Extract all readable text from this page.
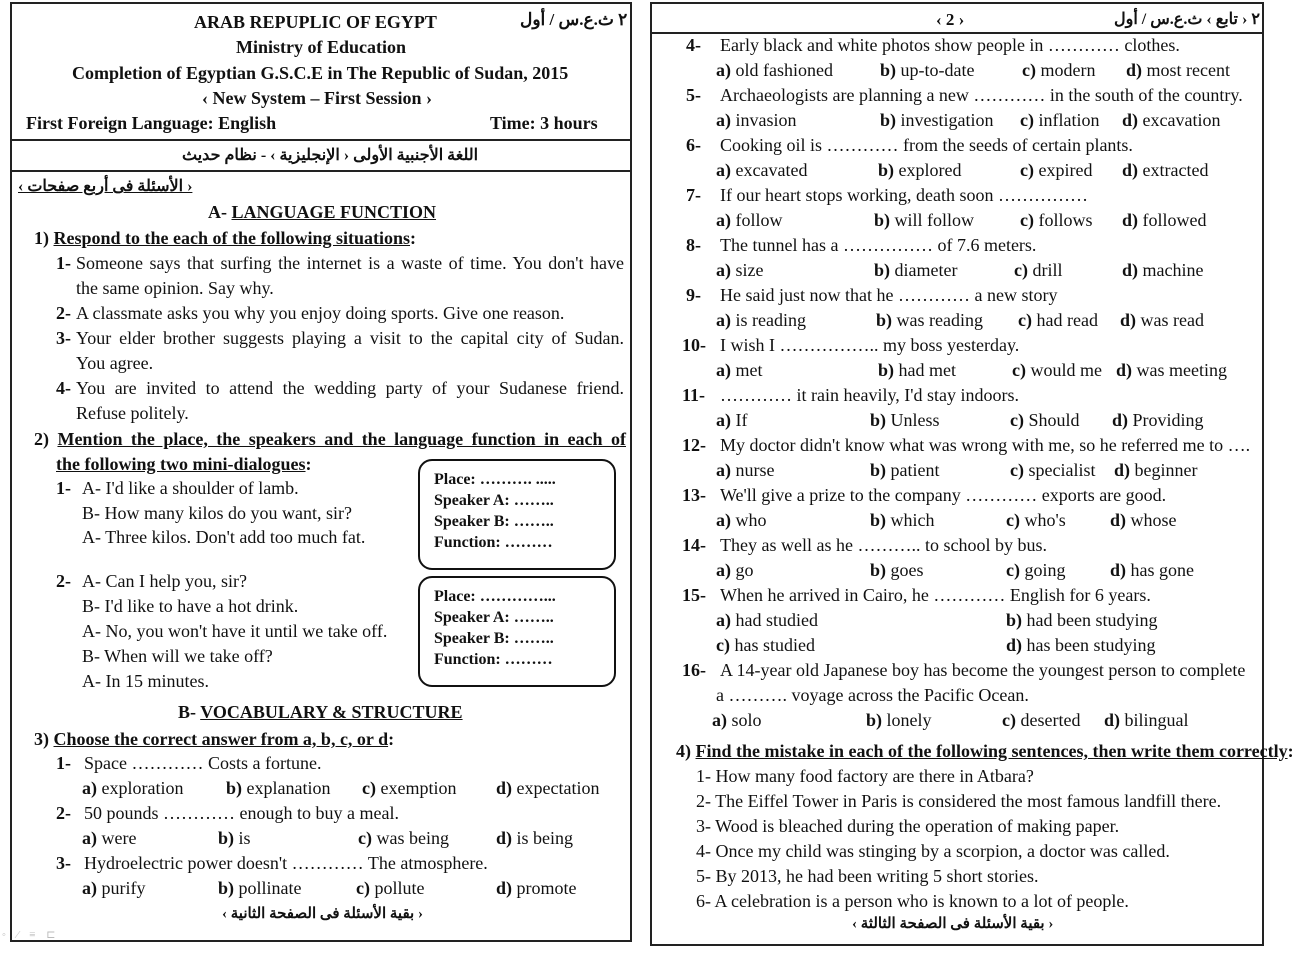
ARAB REPUPLIC OF EGYPT	٢ ث.ع.س / أول
Ministry of Education
Completion of Egyptian G.S.C.E in The Republic of Sudan, 2015
‹ New System – First Session ›
First Foreign Language: English	Time: 3 hours
اللغة الأجنبية الأولى ‹ الإنجليزية › - نظام حديث
‹ الأسئلة فى أربع صفحات ›
A- LANGUAGE FUNCTION
1) Respond to the each of the following situations:
1- Someone says that surfing the internet is a waste of time. You don't have
the same opinion. Say why.
2- A classmate asks you why you enjoy doing sports. Give one reason.
3- Your elder brother suggests playing a visit to the capital city of Sudan.
You agree.
4- You are invited to attend the wedding party of your Sudanese friend.
Refuse politely.
2) Mention the place, the speakers and the language function in each of
the following two mini-dialogues:
1- A- I'd like a shoulder of lamb.
B- How many kilos do you want, sir?
A- Three kilos. Don't add too much fat.
Place: ………. .....
Speaker A: ……..
Speaker B: ……..
Function: ………
2- A- Can I help you, sir?
B- I'd like to have a hot drink.
A- No, you won't have it until we take off.
B- When will we take off?
A- In 15 minutes.
Place: …………...
Speaker A: ……..
Speaker B: ……..
Function: ………
B- VOCABULARY & STRUCTURE
3) Choose the correct answer from a, b, c, or d:
1- Space ………… Costs a fortune.
a) exploration b) explanation c) exemption d) expectation
2- 50 pounds ………… enough to buy a meal.
a) were	b) is	c) was being	d) is being
3- Hydroelectric power doesn't ………… The atmosphere.
a) purify	b) pollinate	c) pollute	d) promote
‹ بقية الأسئلة فى الصفحة الثانية ›
◦ ⁄ ≡ ⊏
‹ 2 ›	٢ ‹ تابع › ث.ع.س / أول
4- Early black and white photos show people in ………… clothes.
a) old fashioned	b) up-to-date	c) modern d) most recent
5- Archaeologists are planning a new ………… in the south of the country.
a) invasion	b) investigation c) inflation d) excavation
6- Cooking oil is ………… from the seeds of certain plants.
a) excavated	b) explored	c) expired d) extracted
7- If our heart stops working, death soon ……………
a) follow	b) will follow	c) follows d) followed
8- The tunnel has a …………… of 7.6 meters.
a) size	b) diameter	c) drill	d) machine
9- He said just now that he ………… a new story
a) is reading	b) was reading c) had read d) was read
10- I wish I …………….. my boss yesterday.
a) met	b) had met	c) would me d) was meeting
11- ………… it rain heavily, I'd stay indoors.
a) If	b) Unless	c) Should d) Providing
12- My doctor didn't know what was wrong with me, so he referred me to ….
a) nurse	b) patient	c) specialist d) beginner
13- We'll give a prize to the company ………… exports are good.
a) who	b) which	c) who's d) whose
14- They as well as he ……….. to school by bus.
a) go	b) goes	c) going d) has gone
15- When he arrived in Cairo, he ………… English for 6 years.
a) had studied	b) had been studying
c) has studied	d) has been studying
16- A 14-year old Japanese boy has become the youngest person to complete
a ………. voyage across the Pacific Ocean.
a) solo	b) lonely	c) deserted d) bilingual
4) Find the mistake in each of the following sentences, then write them correctly:
1- How many food factory are there in Atbara?
2- The Eiffel Tower in Paris is considered the most famous landfill there.
3- Wood is bleached during the operation of making paper.
4- Once my child was stinging by a scorpion, a doctor was called.
5- By 2013, he had been writing 5 short stories.
6- A celebration is a person who is known to a lot of people.
‹ بقية الأسئلة فى الصفحة الثالثة ›
